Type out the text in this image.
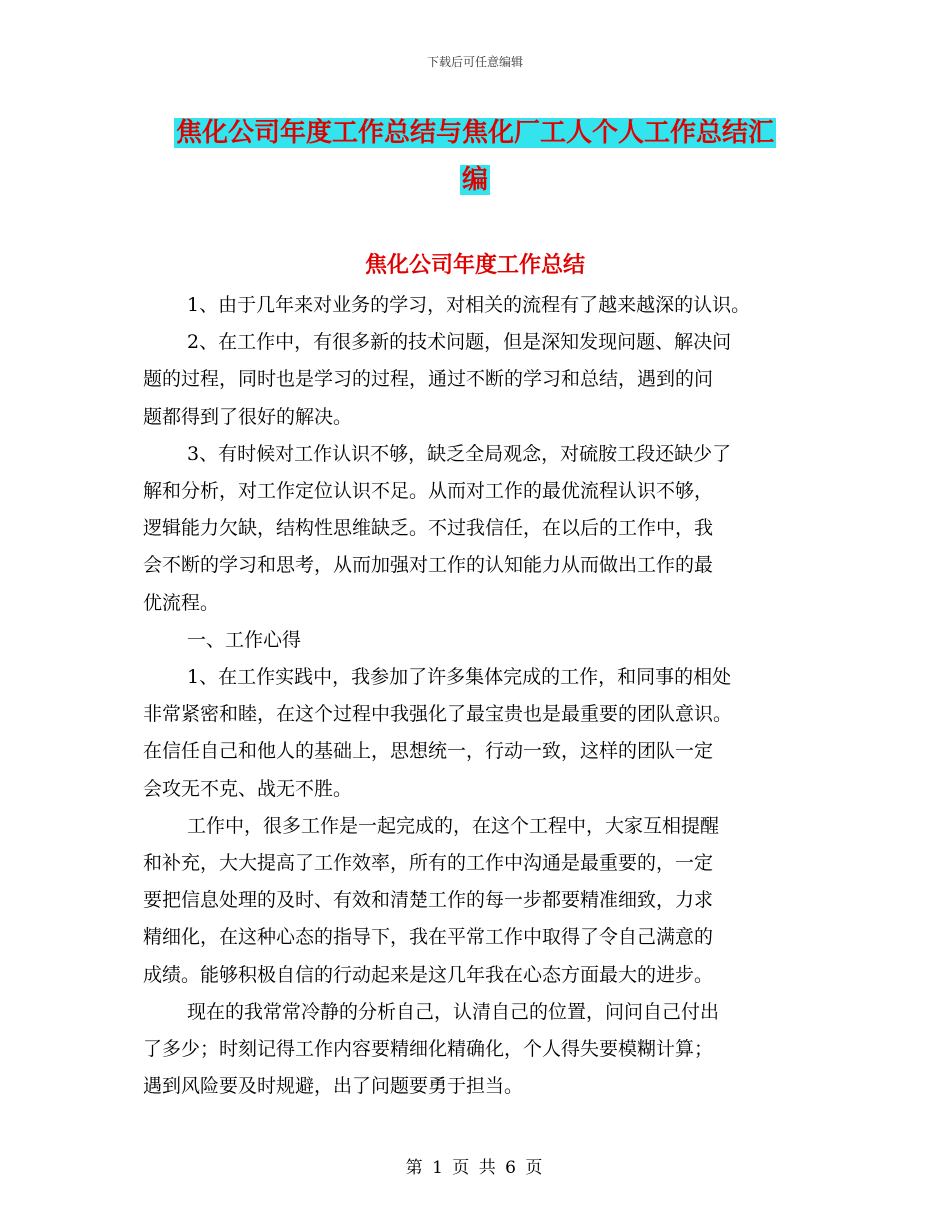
下载后可任意编辑
焦化公司年度工作总结与焦化厂工人个人工作总结汇
编
焦化公司年度工作总结
1、由于几年来对业务的学习，对相关的流程有了越来越深的认识。
2、在工作中，有很多新的技术问题，但是深知发现问题、解决问
题的过程，同时也是学习的过程，通过不断的学习和总结，遇到的问
题都得到了很好的解决。
3、有时候对工作认识不够，缺乏全局观念，对硫胺工段还缺少了
解和分析，对工作定位认识不足。从而对工作的最优流程认识不够，
逻辑能力欠缺，结构性思维缺乏。不过我信任，在以后的工作中，我
会不断的学习和思考，从而加强对工作的认知能力从而做出工作的最
优流程。
一、工作心得
1、在工作实践中，我参加了许多集体完成的工作，和同事的相处
非常紧密和睦，在这个过程中我强化了最宝贵也是最重要的团队意识。
在信任自己和他人的基础上，思想统一，行动一致，这样的团队一定
会攻无不克、战无不胜。
工作中，很多工作是一起完成的，在这个工程中，大家互相提醒
和补充，大大提高了工作效率，所有的工作中沟通是最重要的，一定
要把信息处理的及时、有效和清楚工作的每一步都要精准细致，力求
精细化，在这种心态的指导下，我在平常工作中取得了令自己满意的
成绩。能够积极自信的行动起来是这几年我在心态方面最大的进步。
现在的我常常冷静的分析自己，认清自己的位置，问问自己付出
了多少；时刻记得工作内容要精细化精确化，个人得失要模糊计算；
遇到风险要及时规避，出了问题要勇于担当。
第 1 页 共 6 页
